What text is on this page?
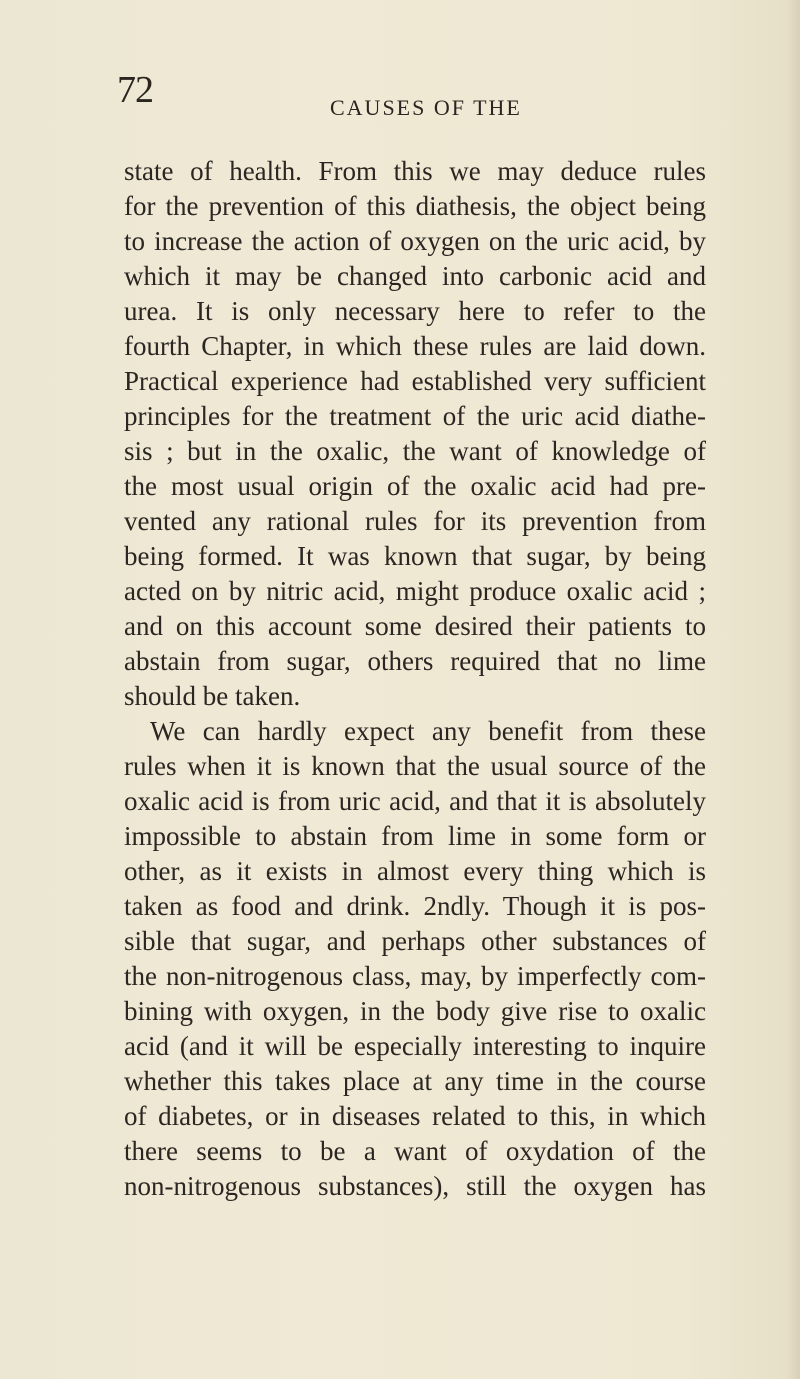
72	CAUSES OF THE
state of health. From this we may deduce rules
for the prevention of this diathesis, the object being
to increase the action of oxygen on the uric acid, by
which it may be changed into carbonic acid and
urea. It is only necessary here to refer to the
fourth Chapter, in which these rules are laid down.
Practical experience had established very sufficient
principles for the treatment of the uric acid diathe-
sis ; but in the oxalic, the want of knowledge of
the most usual origin of the oxalic acid had pre-
vented any rational rules for its prevention from
being formed. It was known that sugar, by being
acted on by nitric acid, might produce oxalic acid ;
and on this account some desired their patients to
abstain from sugar, others required that no lime
should be taken.
We can hardly expect any benefit from these
rules when it is known that the usual source of the
oxalic acid is from uric acid, and that it is absolutely
impossible to abstain from lime in some form or
other, as it exists in almost every thing which is
taken as food and drink. 2ndly. Though it is pos-
sible that sugar, and perhaps other substances of
the non-nitrogenous class, may, by imperfectly com-
bining with oxygen, in the body give rise to oxalic
acid (and it will be especially interesting to inquire
whether this takes place at any time in the course
of diabetes, or in diseases related to this, in which
there seems to be a want of oxydation of the
non-nitrogenous substances), still the oxygen has
